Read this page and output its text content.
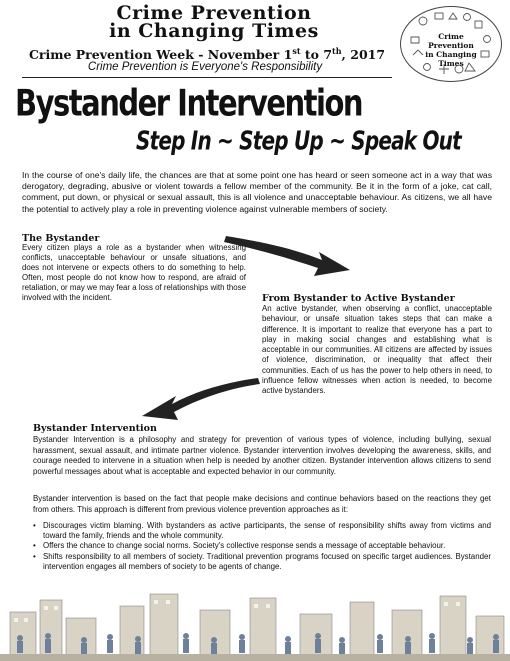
Crime Prevention
in Changing Times
Crime Prevention Week - November 1st to 7th, 2017
Crime Prevention is Everyone's Responsibility
Crime Prevention
in Changing Times
Bystander Intervention
Step In ~ Step Up ~ Speak Out

In the course of one's daily life, the chances are that at some point one has heard or seen someone act in a way that was derogatory, degrading, abusive or violent towards a fellow member of the community. Be it in the form of a joke, cat call, comment, put down, or physical or sexual assault, this is all violence and unacceptable behaviour. As citizens, we all have the potential to actively play a role in preventing violence against vulnerable members of society.

The Bystander

Every citizen plays a role as a bystander when witnessing conflicts, unacceptable behaviour or unsafe situations, and does not intervene or expects others to do something to help. Often, most people do not know how to respond, are afraid of retaliation, or may we may fear a loss of relationships with those involved with the incident.	From Bystander to Active Bystander

An active bystander, when observing a conflict, unacceptable behaviour, or unsafe situation takes steps that can make a difference. It is important to realize that everyone has a part to play in making social changes and establishing what is acceptable in our communities. All citizens are affected by issues of violence, discrimination, or inequality that affect their communities. Each of us has the power to help others in need, to influence fellow witnesses when action is needed, to become active bystanders.

Bystander Intervention

Bystander Intervention is a philosophy and strategy for prevention of various types of violence, including bullying, sexual harassment, sexual assault, and intimate partner violence. Bystander intervention involves developing the awareness, skills, and courage needed to intervene in a situation when help is needed by another citizen. Bystander intervention allows citizens to send powerful messages about what is acceptable and expected behavior in our community.

Bystander intervention is based on the fact that people make decisions and continue behaviors based on the reactions they get from others. This approach is different from previous violence prevention approaches as it:

• Discourages victim blaming. With bystanders as active participants, the sense of responsibility shifts away from victims and toward the family, friends and the whole community.
• Offers the chance to change social norms. Society's collective response sends a message of acceptable behaviour.
• Shifts responsibility to all members of society. Traditional prevention programs focused on specific target audiences. Bystander intervention engages all members of society to be agents of change.
